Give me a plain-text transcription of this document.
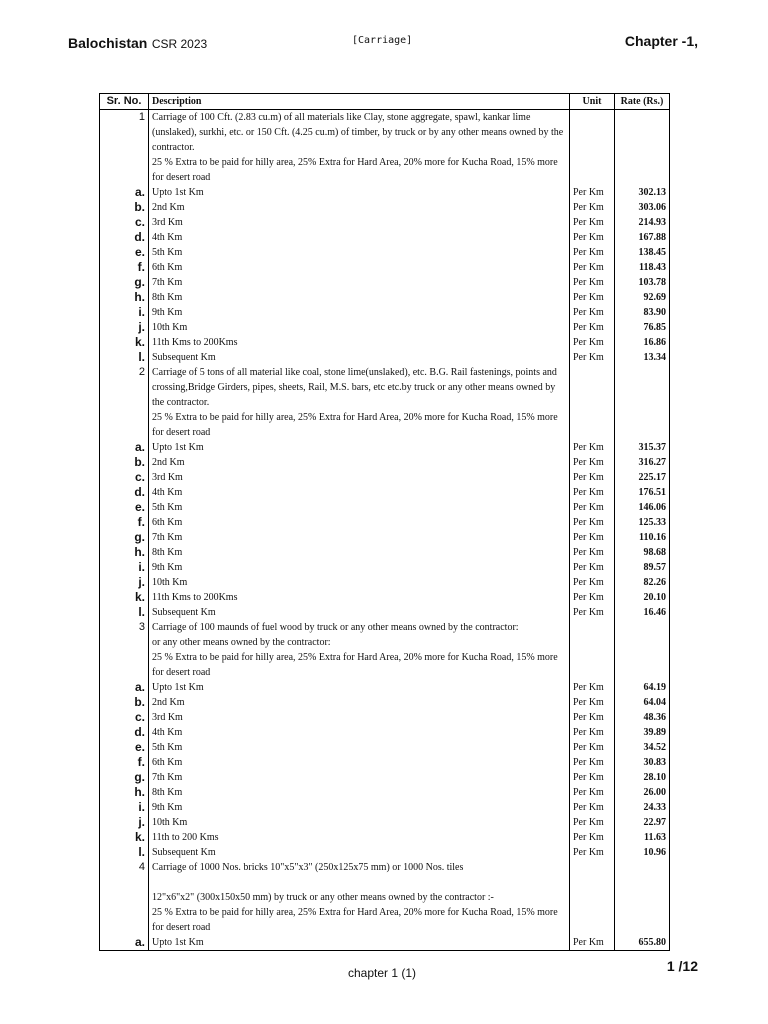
Balochistan CSR 2023	[Carriage]	Chapter -1,
Sr. No.	Description	Unit	Rate (Rs.)
1	Carriage of 100 Cft. (2.83 cu.m) of all materials like Clay, stone aggregate, spawl, kankar lime (unslaked), surkhi, etc. or 150 Cft. (4.25 cu.m) of timber, by truck or by any other means owned by the contractor.
25 % Extra to be paid for hilly area, 25% Extra for Hard Area, 20% more for Kucha Road, 15% more for desert road		

a.	Upto 1st Km	Per Km	302.13
b.	2nd Km	Per Km	303.06
c.	3rd Km	Per Km	214.93
d.	4th Km	Per Km	167.88
e.	5th Km	Per Km	138.45
f.	6th Km	Per Km	118.43
g.	7th Km	Per Km	103.78
h.	8th Km	Per Km	92.69
i.	9th Km	Per Km	83.90
j.	10th Km	Per Km	76.85
k.	11th Kms to 200Kms	Per Km	16.86
l.	Subsequent Km	Per Km	13.34
2	Carriage of 5 tons of all material like coal, stone lime(unslaked), etc. B.G. Rail fastenings, points and crossing,Bridge Girders, pipes, sheets, Rail, M.S. bars, etc etc.by truck or any other means owned by the contractor.
25 % Extra to be paid for hilly area, 25% Extra for Hard Area, 20% more for Kucha Road, 15% more for desert road		

a.	Upto 1st Km	Per Km	315.37
b.	2nd Km	Per Km	316.27
c.	3rd Km	Per Km	225.17
d.	4th Km	Per Km	176.51
e.	5th Km	Per Km	146.06
f.	6th Km	Per Km	125.33
g.	7th Km	Per Km	110.16
h.	8th Km	Per Km	98.68
i.	9th Km	Per Km	89.57
j.	10th Km	Per Km	82.26
k.	11th Kms to 200Kms	Per Km	20.10
l.	Subsequent Km	Per Km	16.46
3	Carriage of 100 maunds of fuel wood by truck or any other means owned by the contractor:
or any other means owned by the contractor:
25 % Extra to be paid for hilly area, 25% Extra for Hard Area, 20% more for Kucha Road, 15% more for desert road		

a.	Upto 1st Km	Per Km	64.19
b.	2nd Km	Per Km	64.04
c.	3rd Km	Per Km	48.36
d.	4th Km	Per Km	39.89
e.	5th Km	Per Km	34.52
f.	6th Km	Per Km	30.83
g.	7th Km	Per Km	28.10
h.	8th Km	Per Km	26.00
i.	9th Km	Per Km	24.33
j.	10th Km	Per Km	22.97
k.	11th to 200 Kms	Per Km	11.63
l.	Subsequent Km	Per Km	10.96
4	Carriage of 1000 Nos. bricks 10"x5"x3" (250x125x75 mm) or 1000 Nos. tiles
12"x6"x2" (300x150x50 mm) by truck or any other means owned by the contractor :-
25 % Extra to be paid for hilly area, 25% Extra for Hard Area, 20% more for Kucha Road, 15% more for desert road		

a.	Upto 1st Km	Per Km	655.80
chapter 1 (1)	1 /12
